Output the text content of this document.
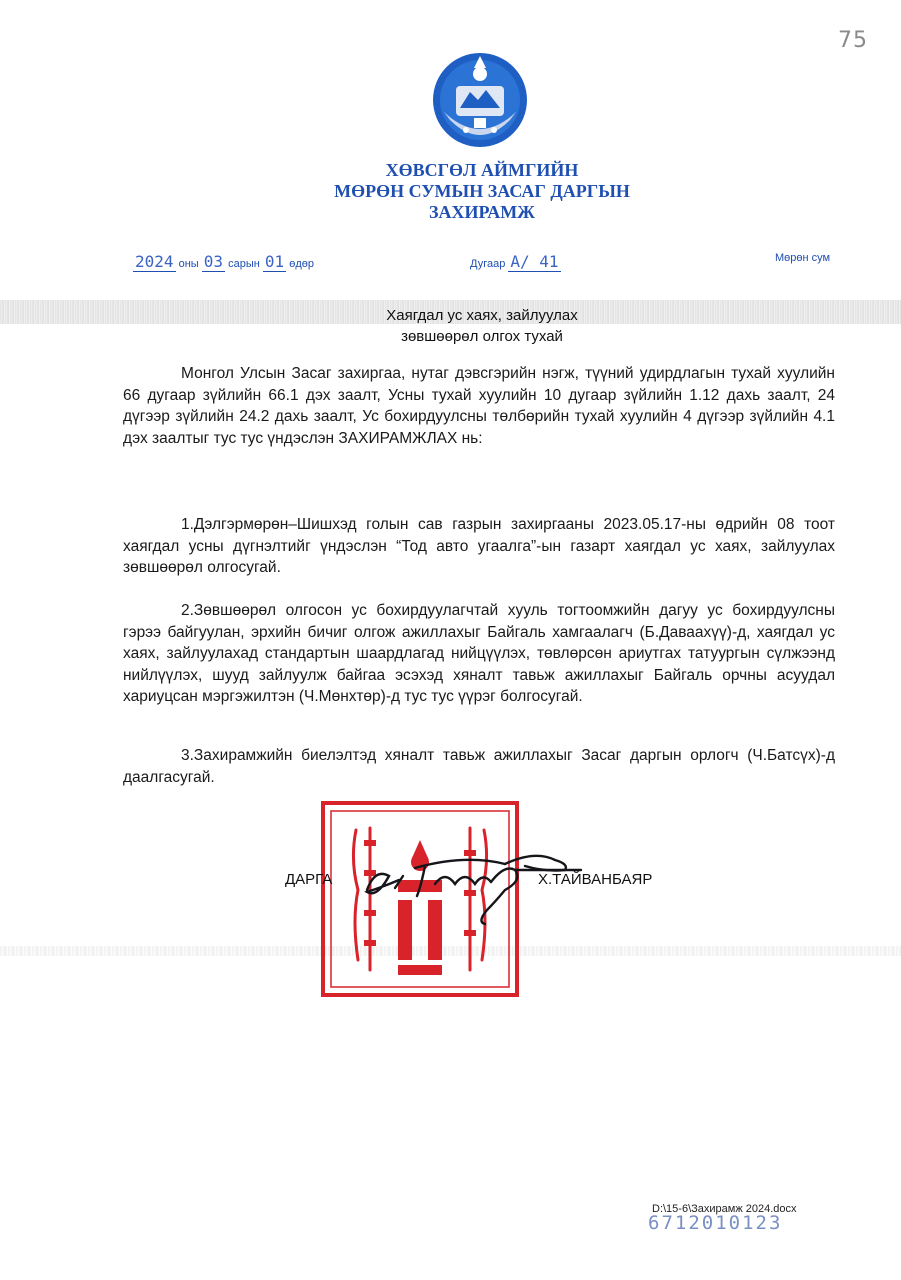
75
ХӨВСГӨЛ АЙМГИЙН
МӨРӨН СУМЫН ЗАСАГ ДАРГЫН
ЗАХИРАМЖ
2024 оны 03 сарын 01 өдөр	Дугаар А/ 41	Мөрөн сум
Хаягдал ус хаях, зайлуулах
зөвшөөрөл олгох тухай

Монгол Улсын Засаг захиргаа, нутаг дэвсгэрийн нэгж, түүний удирдлагын тухай хуулийн 66 дугаар зүйлийн 66.1 дэх заалт, Усны тухай хуулийн 10 дугаар зүйлийн 1.12 дахь заалт, 24 дүгээр зүйлийн 24.2 дахь заалт, Ус бохирдуулсны төлбөрийн тухай хуулийн 4 дүгээр зүйлийн 4.1 дэх заалтыг тус тус үндэслэн ЗАХИРАМЖЛАХ нь:

1.Дэлгэрмөрөн–Шишхэд голын сав газрын захиргааны 2023.05.17-ны өдрийн 08 тоот хаягдал усны дүгнэлтийг үндэслэн “Тод авто угаалга”-ын газарт хаягдал ус хаях, зайлуулах зөвшөөрөл олгосугай.

2.Зөвшөөрөл олгосон ус бохирдуулагчтай хууль тогтоомжийн дагуу ус бохирдуулсны гэрээ байгуулан, эрхийн бичиг олгож ажиллахыг Байгаль хамгаалагч (Б.Даваахүү)-д, хаягдал ус хаях, зайлуулахад стандартын шаардлагад нийцүүлэх, төвлөрсөн ариутгах татуургын сүлжээнд нийлүүлэх, шууд зайлуулж байгаа эсэхэд хяналт тавьж ажиллахыг Байгаль орчны асуудал хариуцсан мэргэжилтэн (Ч.Мөнхтөр)-д тус тус үүрэг болгосугай.

3.Захирамжийн биелэлтэд хяналт тавьж ажиллахыг Засаг даргын орлогч (Ч.Батсүх)-д даалгасугай.

ДАРГА	Х.ТАЙВАНБАЯР
D:\15-6\Захирамж 2024.docx
6712010123
